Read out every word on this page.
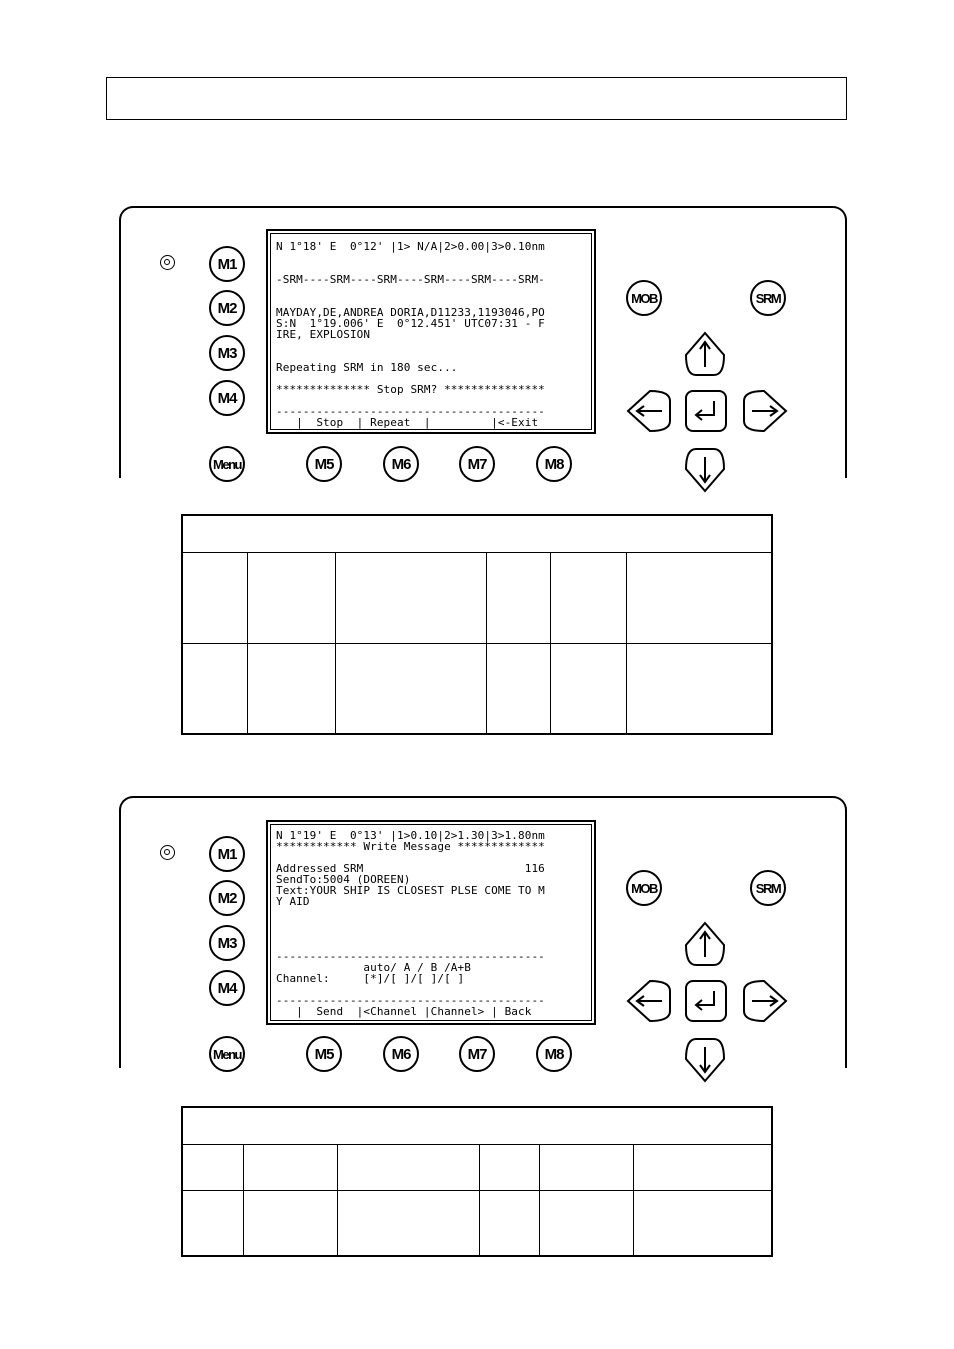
M1
M2
M3
M4
Menu	M5	M6	M7	M8
MOB	SRM
N 1°18' E  0°12' |1> N/A|2>0.00|3>0.10nm
-SRM----SRM----SRM----SRM----SRM----SRM-
MAYDAY,DE,ANDREA DORIA,D11233,1193046,PO
S:N  1°19.006' E  0°12.451' UTC07:31 - F
IRE, EXPLOSION
Repeating SRM in 180 sec...
************** Stop SRM? ***************
----------------------------------------
|  Stop  | Repeat  |         |<-Exit

M1
M2
M3
M4
Menu	M5	M6	M7	M8
MOB	SRM
N 1°19' E  0°13' |1>0.10|2>1.30|3>1.80nm
************ Write Message *************
Addressed SRM                        116
SendTo:5004 (DOREEN)
Text:YOUR SHIP IS CLOSEST PLSE COME TO M
Y AID
----------------------------------------
auto/ A / B /A+B
Channel:     [*]/[ ]/[ ]/[ ]
----------------------------------------
|  Send  |<Channel |Channel> | Back
